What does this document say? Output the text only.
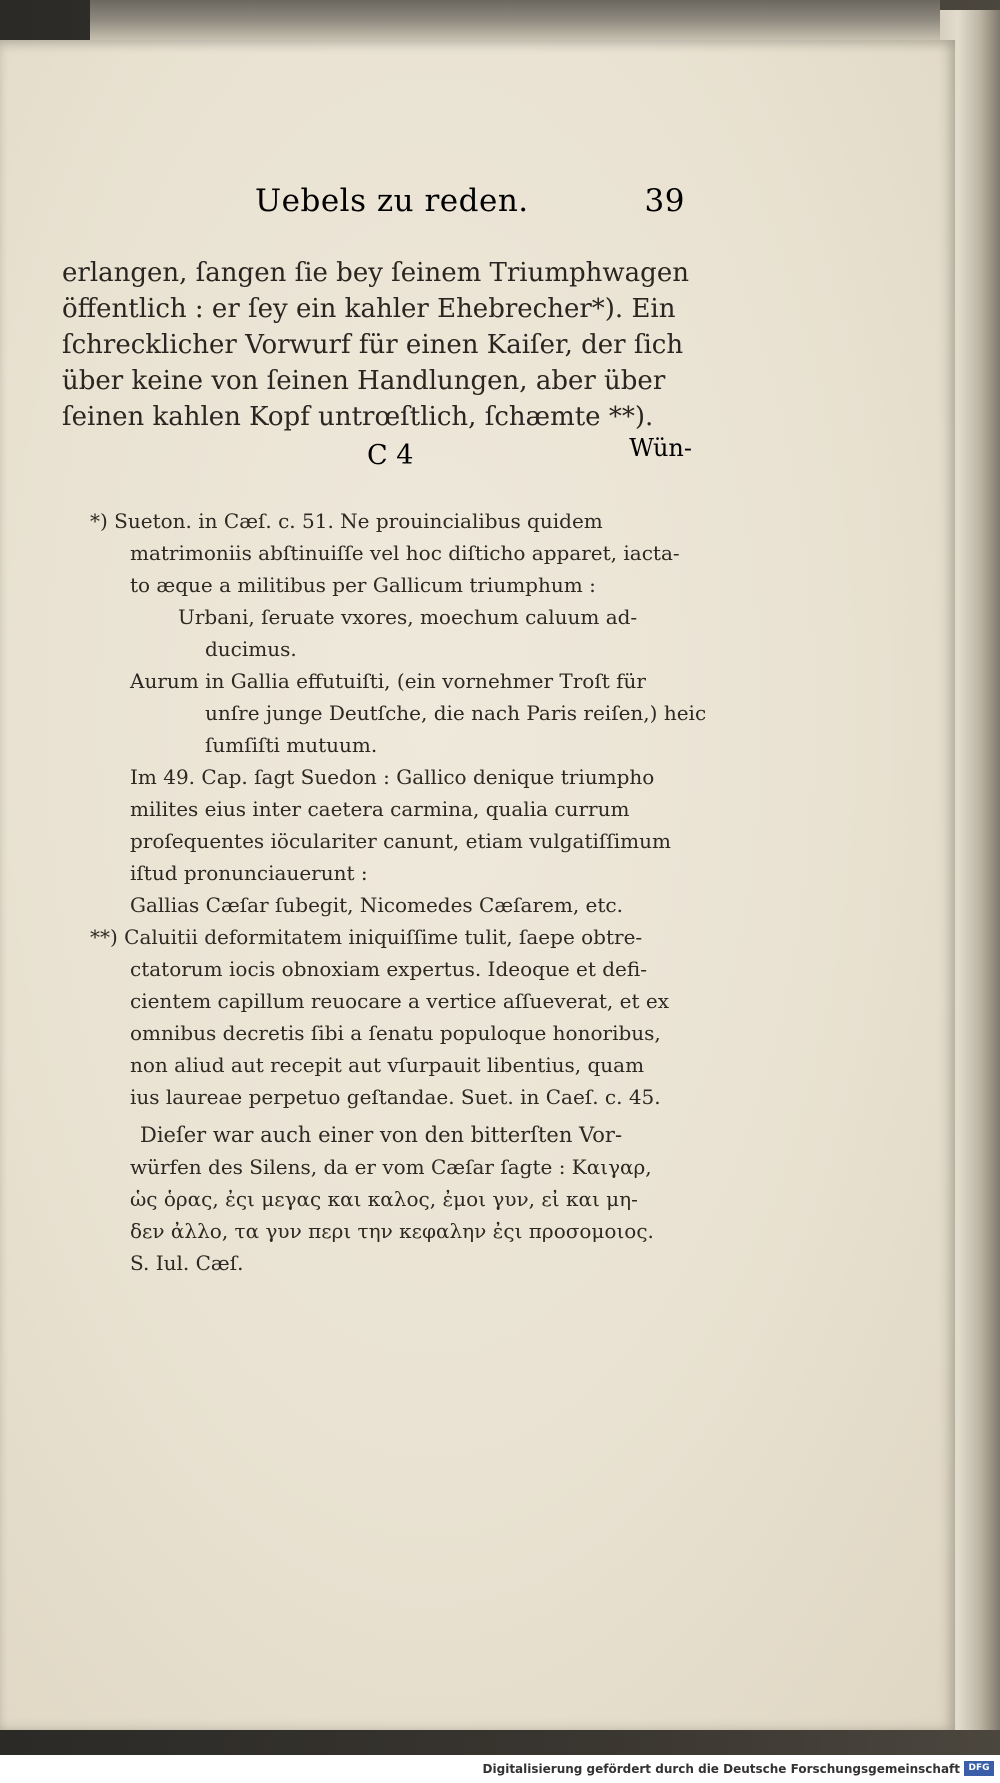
Uebels zu reden.	39
erlangen, ſangen ſie bey ſeinem Triumphwagen
öffentlich : er ſey ein kahler Ehebrecher*). Ein
ſchrecklicher Vorwurf für einen Kaiſer, der ſich
über keine von ſeinen Handlungen, aber über
ſeinen kahlen Kopf untrœſtlich, ſchæmte **).
C 4	Wün-
*) Sueton. in Cæſ. c. 51. Ne prouincialibus quidem
matrimoniis abſtinuiſſe vel hoc diſticho apparet, iacta-
to æque a militibus per Gallicum triumphum :
Urbani, ſeruate vxores, moechum caluum ad-
ducimus.
Aurum in Gallia effutuiſti, (ein vornehmer Troſt für
unſre junge Deutſche, die nach Paris reiſen,) heic
ſumſiſti mutuum.
Im 49. Cap. ſagt Suedon : Gallico denique triumpho
milites eius inter caetera carmina, qualia currum
proſequentes iöculariter canunt, etiam vulgatiſſimum
iſtud pronunciauerunt :
Gallias Cæſar ſubegit, Nicomedes Cæſarem, etc.
**) Caluitii deformitatem iniquiſſime tulit, ſaepe obtre-
ctatorum iocis obnoxiam expertus. Ideoque et defi-
cientem capillum reuocare a vertice aſſueverat, et ex
omnibus decretis ſibi a ſenatu populoque honoribus,
non aliud aut recepit aut vſurpauit libentius, quam
ius laureae perpetuo geſtandae. Suet. in Caeſ. c. 45.
Dieſer war auch einer von den bitterſten Vor-
würfen des Silens, da er vom Cæſar ſagte : Καιγαρ,
ὡς ὁρας, ἐςι μεγας και καλος, ἐμοι γυν, εἰ και μη-
δεν ἀλλο, τα γυν περι την κεφαλην ἐςι προσομοιος.
S. Iul. Cæſ.
Digitalisierung gefördert durch die Deutsche Forschungsgemeinschaft DFG
